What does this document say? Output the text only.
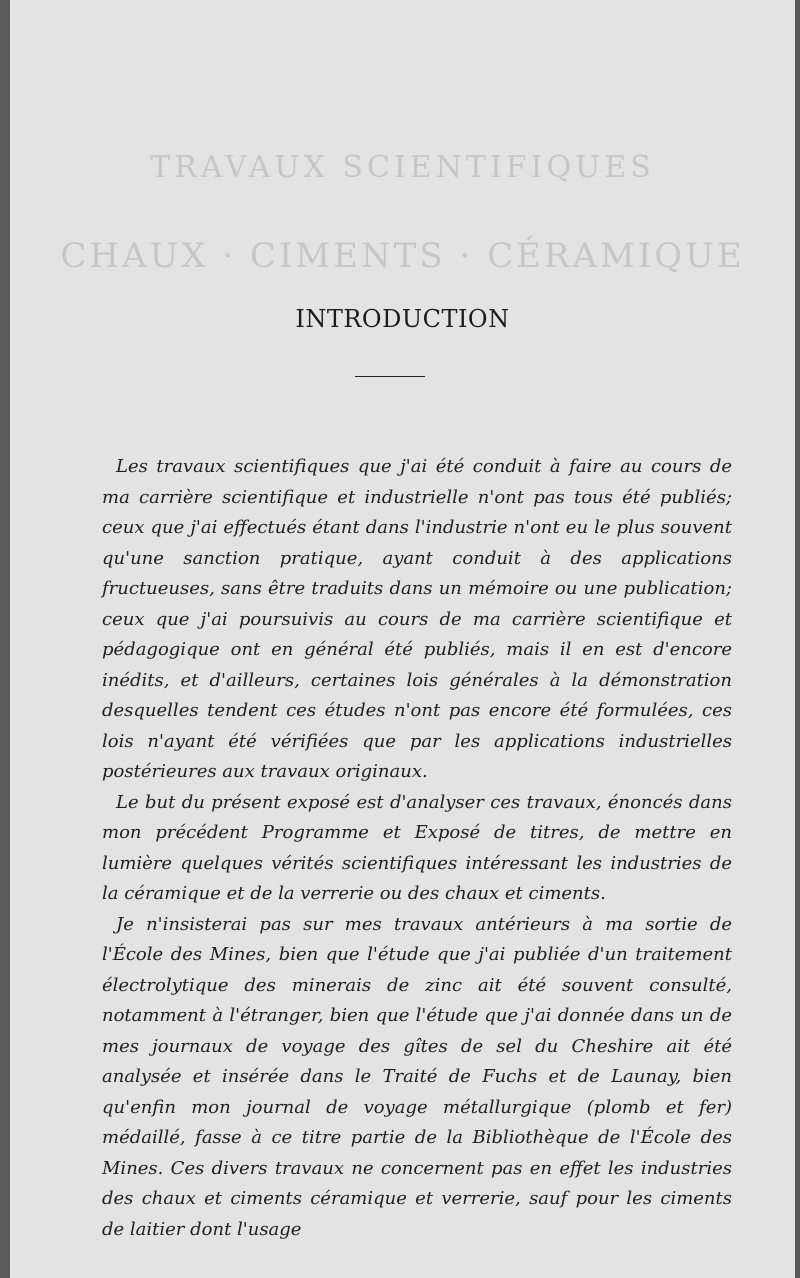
TRAVAUX SCIENTIFIQUES
CHAUX · CIMENTS · CÉRAMIQUE
INTRODUCTION

Les travaux scientifiques que j'ai été conduit à faire au cours de ma carrière scientifique et industrielle n'ont pas tous été publiés; ceux que j'ai effectués étant dans l'industrie n'ont eu le plus souvent qu'une sanction pratique, ayant conduit à des applications fructueuses, sans être traduits dans un mémoire ou une publication; ceux que j'ai poursuivis au cours de ma carrière scientifique et pédagogique ont en général été publiés, mais il en est d'encore inédits, et d'ailleurs, certaines lois générales à la démonstration desquelles tendent ces études n'ont pas encore été formulées, ces lois n'ayant été vérifiées que par les applications industrielles postérieures aux travaux originaux.

Le but du présent exposé est d'analyser ces travaux, énoncés dans mon précédent Programme et Exposé de titres, de mettre en lumière quelques vérités scientifiques intéressant les industries de la céramique et de la verrerie ou des chaux et ciments.

Je n'insisterai pas sur mes travaux antérieurs à ma sortie de l'École des Mines, bien que l'étude que j'ai publiée d'un traitement électrolytique des minerais de zinc ait été souvent consulté, notamment à l'étranger, bien que l'étude que j'ai donnée dans un de mes journaux de voyage des gîtes de sel du Cheshire ait été analysée et insérée dans le Traité de Fuchs et de Launay, bien qu'enfin mon journal de voyage métallurgique (plomb et fer) médaillé, fasse à ce titre partie de la Bibliothèque de l'École des Mines. Ces divers travaux ne concernent pas en effet les industries des chaux et ciments céramique et verrerie, sauf pour les ciments de laitier dont l'usage
